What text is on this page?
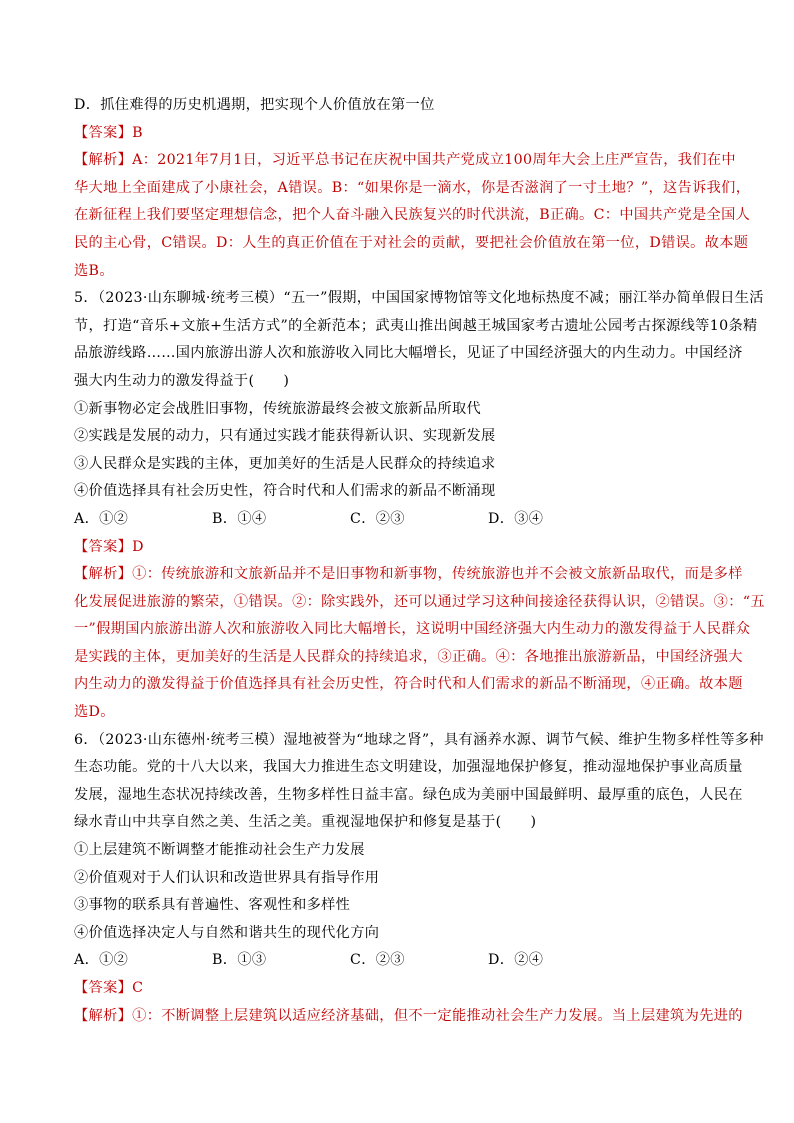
D．抓住难得的历史机遇期，把实现个人价值放在第一位
【答案】B
【解析】A：2021年7月1日，习近平总书记在庆祝中国共产党成立100周年大会上庄严宣告，我们在中
华大地上全面建成了小康社会，A错误。B：“如果你是一滴水，你是否滋润了一寸土地？”，这告诉我们，
在新征程上我们要坚定理想信念，把个人奋斗融入民族复兴的时代洪流，B正确。C：中国共产党是全国人
民的主心骨，C错误。D：人生的真正价值在于对社会的贡献，要把社会价值放在第一位，D错误。故本题
选B。
5．（2023·山东聊城·统考三模）“五一”假期，中国国家博物馆等文化地标热度不减；丽江举办简单假日生活
节，打造“音乐+文旅+生活方式”的全新范本；武夷山推出闽越王城国家考古遗址公园考古探源线等10条精
品旅游线路……国内旅游出游人次和旅游收入同比大幅增长，见证了中国经济强大的内生动力。中国经济
强大内生动力的激发得益于(　　)
①新事物必定会战胜旧事物，传统旅游最终会被文旅新品所取代
②实践是发展的动力，只有通过实践才能获得新认识、实现新发展
③人民群众是实践的主体，更加美好的生活是人民群众的持续追求
④价值选择具有社会历史性，符合时代和人们需求的新品不断涌现
A．①②	B．①④	C．②③	D．③④
【答案】D
【解析】①：传统旅游和文旅新品并不是旧事物和新事物，传统旅游也并不会被文旅新品取代，而是多样
化发展促进旅游的繁荣，①错误。②：除实践外，还可以通过学习这种间接途径获得认识，②错误。③：“五
一”假期国内旅游出游人次和旅游收入同比大幅增长，这说明中国经济强大内生动力的激发得益于人民群众
是实践的主体，更加美好的生活是人民群众的持续追求，③正确。④：各地推出旅游新品，中国经济强大
内生动力的激发得益于价值选择具有社会历史性，符合时代和人们需求的新品不断涌现，④正确。故本题
选D。
6．（2023·山东德州·统考三模）湿地被誉为“地球之肾”，具有涵养水源、调节气候、维护生物多样性等多种
生态功能。党的十八大以来，我国大力推进生态文明建设，加强湿地保护修复，推动湿地保护事业高质量
发展，湿地生态状况持续改善，生物多样性日益丰富。绿色成为美丽中国最鲜明、最厚重的底色，人民在
绿水青山中共享自然之美、生活之美。重视湿地保护和修复是基于(　　)
①上层建筑不断调整才能推动社会生产力发展
②价值观对于人们认识和改造世界具有指导作用
③事物的联系具有普遍性、客观性和多样性
④价值选择决定人与自然和谐共生的现代化方向
A．①②	B．①③	C．②③	D．②④
【答案】C
【解析】①：不断调整上层建筑以适应经济基础，但不一定能推动社会生产力发展。当上层建筑为先进的
